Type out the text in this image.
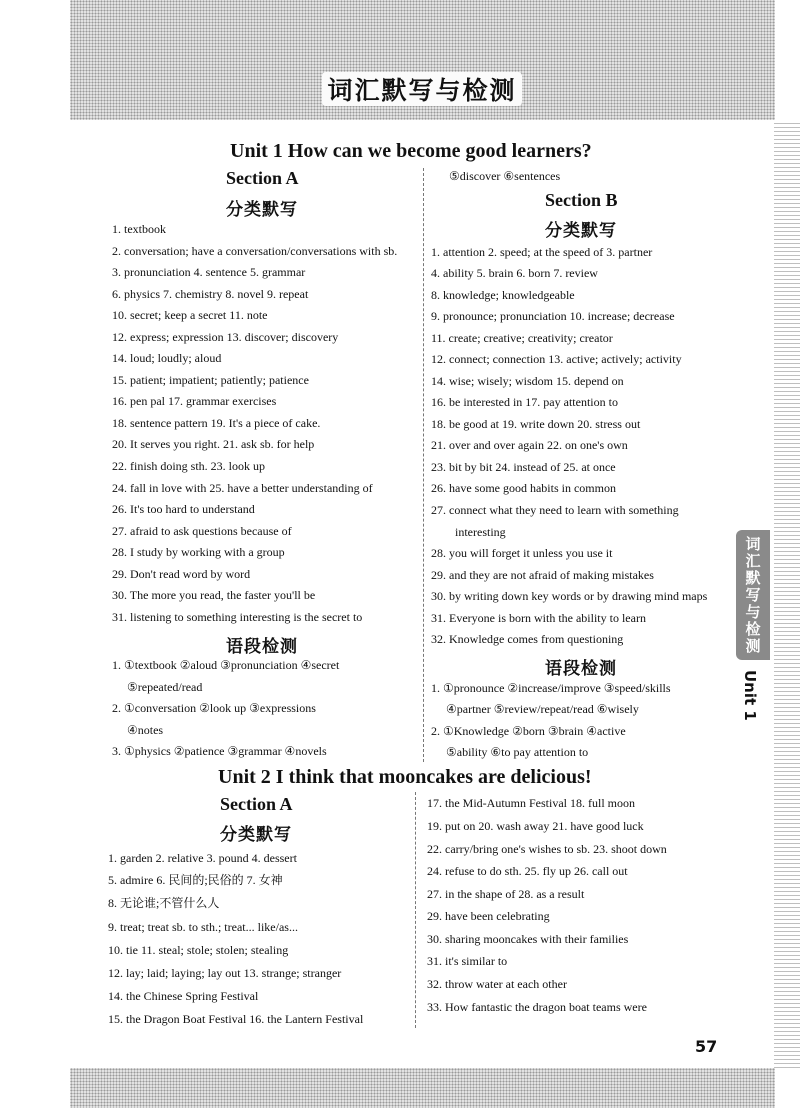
词汇默写与检测
Unit 1 How can we become good learners?
Section A
分类默写
1. textbook
2. conversation; have a conversation/conversations with sb.
3. pronunciation 4. sentence 5. grammar
6. physics 7. chemistry 8. novel 9. repeat
10. secret; keep a secret 11. note
12. express; expression 13. discover; discovery
14. loud; loudly; aloud
15. patient; impatient; patiently; patience
16. pen pal 17. grammar exercises
18. sentence pattern 19. It's a piece of cake.
20. It serves you right. 21. ask sb. for help
22. finish doing sth. 23. look up
24. fall in love with 25. have a better understanding of
26. It's too hard to understand
27. afraid to ask questions because of
28. I study by working with a group
29. Don't read word by word
30. The more you read, the faster you'll be
31. listening to something interesting is the secret to
语段检测
1. ①textbook ②aloud ③pronunciation ④secret
⑤repeated/read
2. ①conversation ②look up ③expressions
④notes
3. ①physics ②patience ③grammar ④novels
⑤discover ⑥sentences
Section B
分类默写
1. attention 2. speed; at the speed of 3. partner
4. ability 5. brain 6. born 7. review
8. knowledge; knowledgeable
9. pronounce; pronunciation 10. increase; decrease
11. create; creative; creativity; creator
12. connect; connection 13. active; actively; activity
14. wise; wisely; wisdom 15. depend on
16. be interested in 17. pay attention to
18. be good at 19. write down 20. stress out
21. over and over again 22. on one's own
23. bit by bit 24. instead of 25. at once
26. have some good habits in common
27. connect what they need to learn with something
interesting
28. you will forget it unless you use it
29. and they are not afraid of making mistakes
30. by writing down key words or by drawing mind maps
31. Everyone is born with the ability to learn
32. Knowledge comes from questioning
语段检测
1. ①pronounce ②increase/improve ③speed/skills
④partner ⑤review/repeat/read ⑥wisely
2. ①Knowledge ②born ③brain ④active
⑤ability ⑥to pay attention to
Unit 2 I think that mooncakes are delicious!
Section A
分类默写
1. garden 2. relative 3. pound 4. dessert
5. admire 6. 民间的;民俗的 7. 女神
8. 无论谁;不管什么人
9. treat; treat sb. to sth.; treat... like/as...
10. tie 11. steal; stole; stolen; stealing
12. lay; laid; laying; lay out 13. strange; stranger
14. the Chinese Spring Festival
15. the Dragon Boat Festival 16. the Lantern Festival
17. the Mid-Autumn Festival 18. full moon
19. put on 20. wash away 21. have good luck
22. carry/bring one's wishes to sb. 23. shoot down
24. refuse to do sth. 25. fly up 26. call out
27. in the shape of 28. as a result
29. have been celebrating
30. sharing mooncakes with their families
31. it's similar to
32. throw water at each other
33. How fantastic the dragon boat teams were
词汇默写与检测
Unit 1
57
